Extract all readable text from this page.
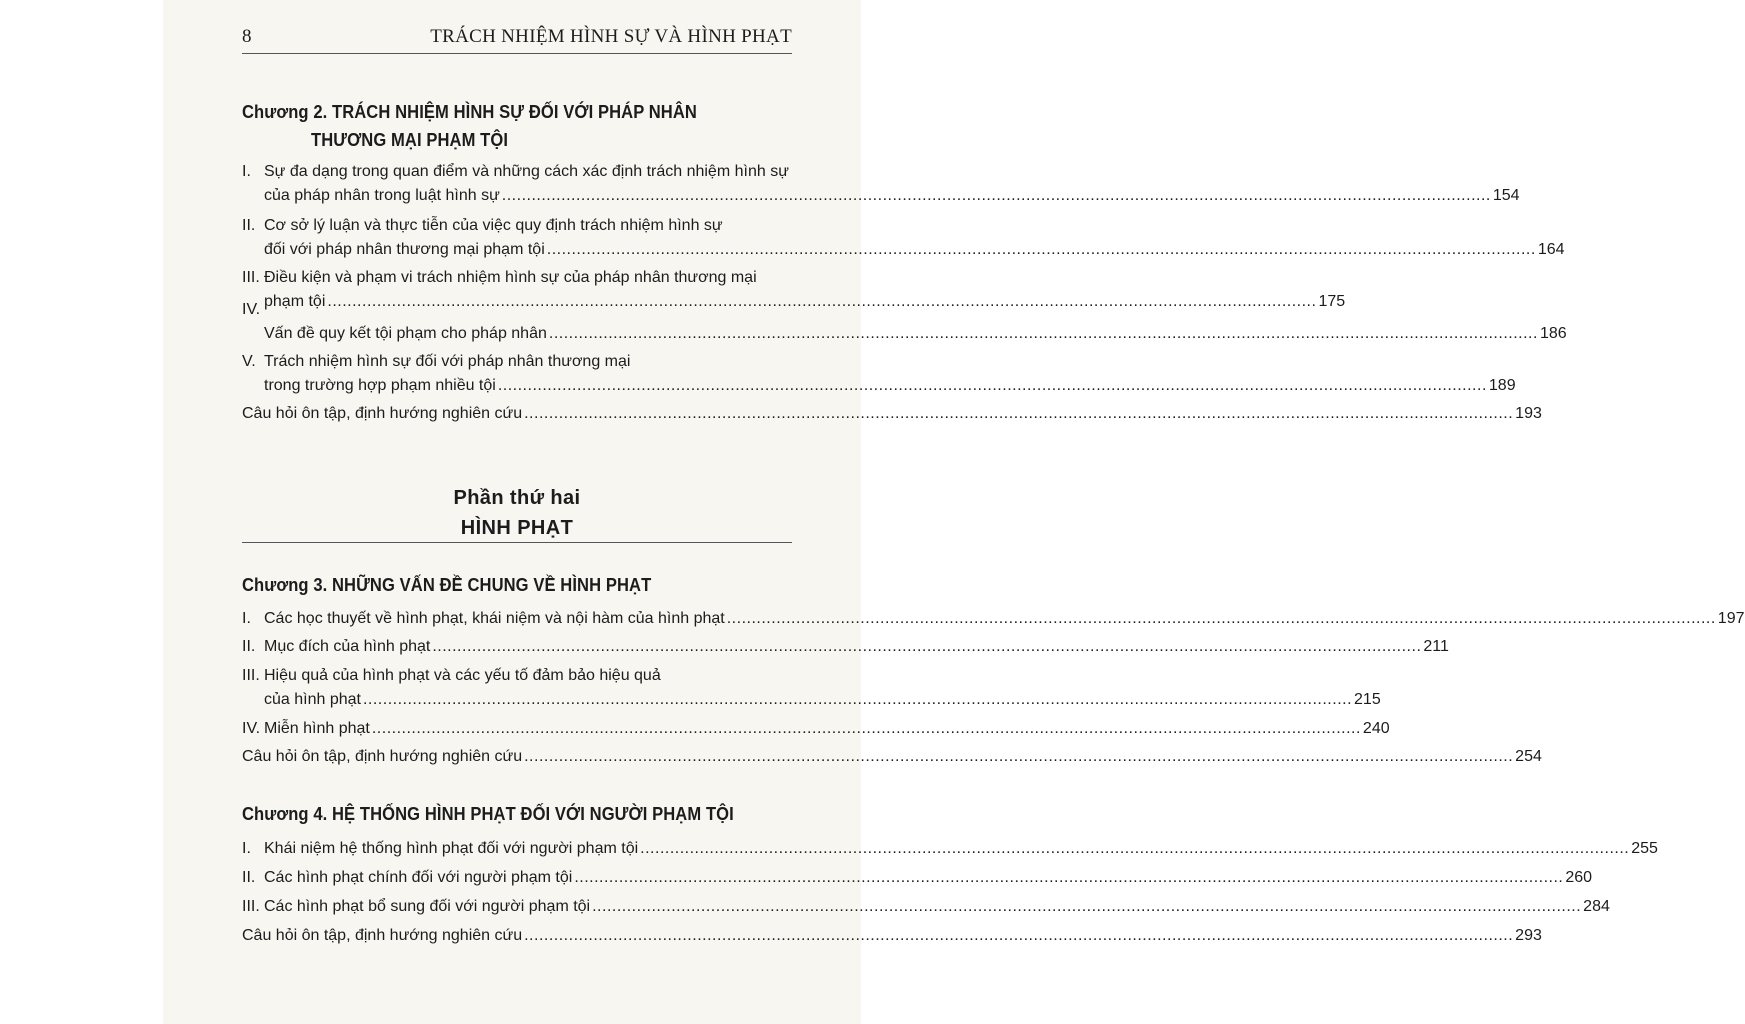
8	TRÁCH NHIỆM HÌNH SỰ VÀ HÌNH PHẠT
Chương 2. TRÁCH NHIỆM HÌNH SỰ ĐỐI VỚI PHÁP NHÂN
THƯƠNG MẠI PHẠM TỘI
I. Sự đa dạng trong quan điểm và những cách xác định trách nhiệm hình sự
của pháp nhân trong luật hình sự ........................................................................................................................................................................................................ 154
II. Cơ sở lý luận và thực tiễn của việc quy định trách nhiệm hình sự
đối với pháp nhân thương mại phạm tội ........................................................................................................................................................................................................ 164
III. Điều kiện và phạm vi trách nhiệm hình sự của pháp nhân thương mại
phạm tội ........................................................................................................................................................................................................ 175
IV.
Vấn đề quy kết tội phạm cho pháp nhân ........................................................................................................................................................................................................ 186
V. Trách nhiệm hình sự đối với pháp nhân thương mại
trong trường hợp phạm nhiều tội ........................................................................................................................................................................................................ 189
Câu hỏi ôn tập, định hướng nghiên cứu ........................................................................................................................................................................................................ 193
Phần thứ hai
HÌNH PHẠT
Chương 3. NHỮNG VẤN ĐỀ CHUNG VỀ HÌNH PHẠT
I. Các học thuyết về hình phạt, khái niệm và nội hàm của hình phạt ........................................................................................................................................................................................................ 197
II. Mục đích của hình phạt ........................................................................................................................................................................................................ 211
III. Hiệu quả của hình phạt và các yếu tố đảm bảo hiệu quả
của hình phạt ........................................................................................................................................................................................................ 215
IV. Miễn hình phạt ........................................................................................................................................................................................................ 240
Câu hỏi ôn tập, định hướng nghiên cứu ........................................................................................................................................................................................................ 254
Chương 4. HỆ THỐNG HÌNH PHẠT ĐỐI VỚI NGƯỜI PHẠM TỘI
I. Khái niệm hệ thống hình phạt đối với người phạm tội ........................................................................................................................................................................................................ 255
II. Các hình phạt chính đối với người phạm tội ........................................................................................................................................................................................................ 260
III. Các hình phạt bổ sung đối với người phạm tội ........................................................................................................................................................................................................ 284
Câu hỏi ôn tập, định hướng nghiên cứu ........................................................................................................................................................................................................ 293
